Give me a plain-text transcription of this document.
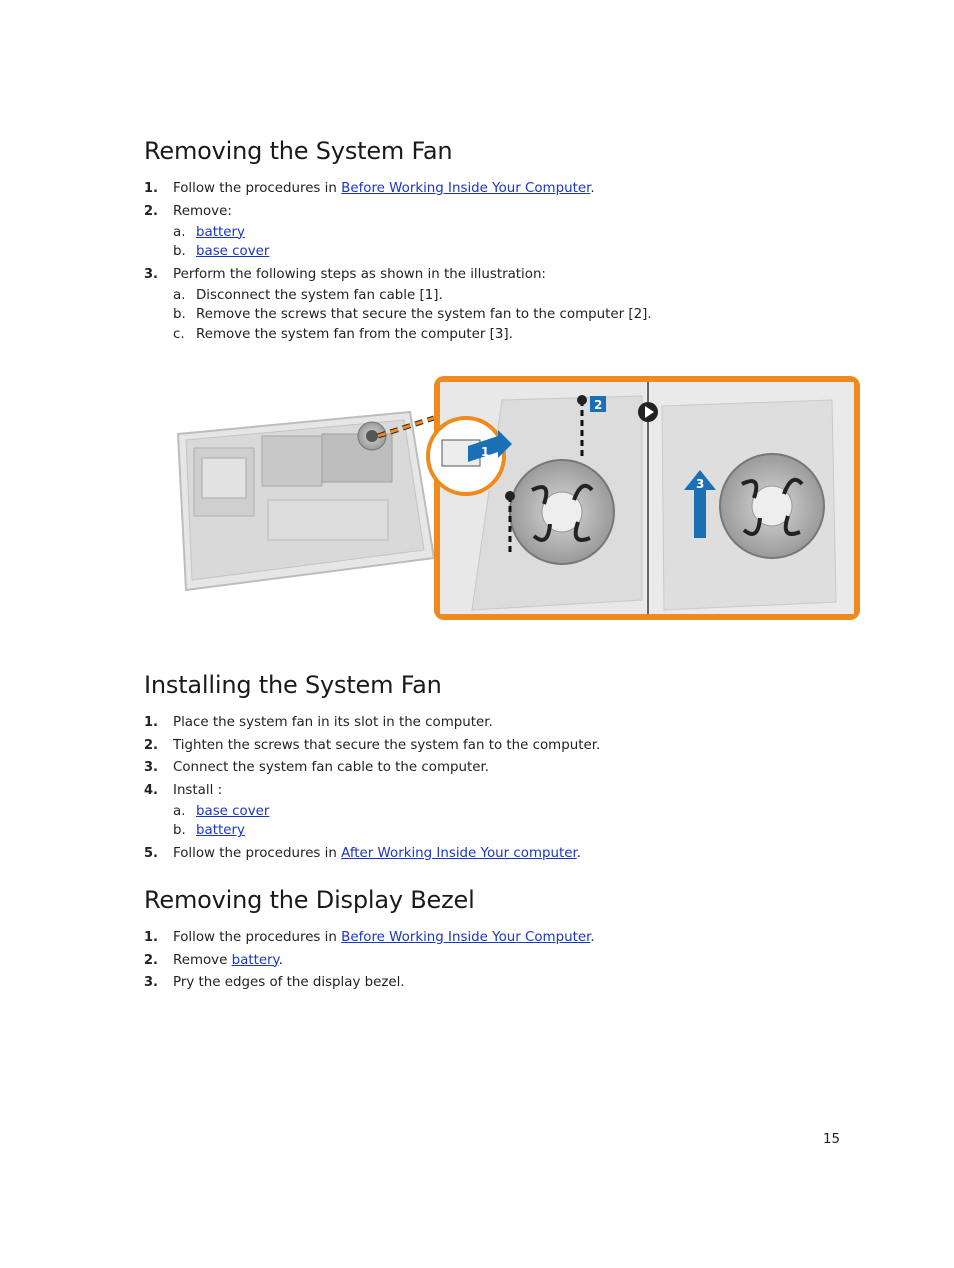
Removing the System Fan
1. Follow the procedures in Before Working Inside Your Computer.
2. Remove:
a. battery
b. base cover
3. Perform the following steps as shown in the illustration:
a. Disconnect the system fan cable [1].
b. Remove the screws that secure the system fan to the computer [2].
c. Remove the system fan from the computer [3].
1
2
3
Installing the System Fan
1. Place the system fan in its slot in the computer.
2. Tighten the screws that secure the system fan to the computer.
3. Connect the system fan cable to the computer.
4. Install :
a. base cover
b. battery
5. Follow the procedures in After Working Inside Your computer.
Removing the Display Bezel
1. Follow the procedures in Before Working Inside Your Computer.
2. Remove battery.
3. Pry the edges of the display bezel.
15
